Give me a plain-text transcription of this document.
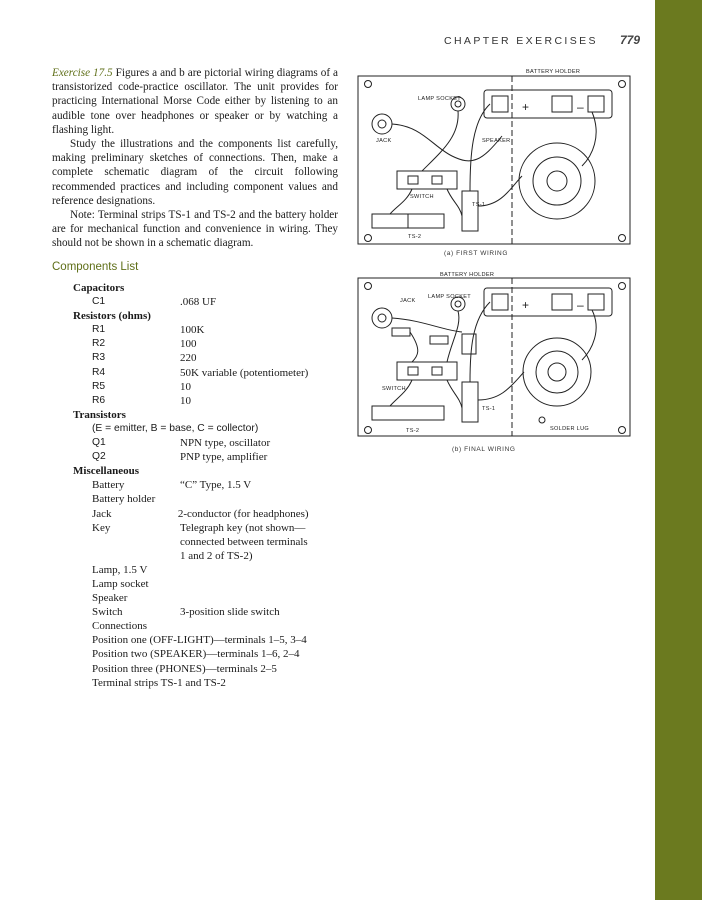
CHAPTER EXERCISES 779

Exercise 17.5 Figures a and b are pictorial wiring diagrams of a transistorized code-practice oscillator. The unit provides for practicing International Morse Code either by listening to an audible tone over headphones or speaker or by watching a flashing light.

Study the illustrations and the components list carefully, making preliminary sketches of connections. Then, make a complete schematic diagram of the circuit following recommended practices and including component values and reference designations.

Note: Terminal strips TS-1 and TS-2 and the battery holder are for mechanical function and convenience in wiring. They should not be shown in a schematic diagram.

Components List
Capacitors
C1	.068 UF
Resistors (ohms)
R1	100K
R2	100
R3	220
R4	50K variable (potentiometer)
R5	10
R6	10
Transistors
(E = emitter, B = base, C = collector)
Q1	NPN type, oscillator
Q2	PNP type, amplifier
Miscellaneous
Battery	“C” Type, 1.5 V
Battery holder
Jack	2-conductor (for headphones)
Key	Telegraph key (not shown—
connected between terminals
1 and 2 of TS-2)
Lamp, 1.5 V
Lamp socket
Speaker
Switch	3-position slide switch
Connections
Position one (OFF-LIGHT)—terminals 1–5, 3–4
Position two (SPEAKER)—terminals 1–6, 2–4
Position three (PHONES)—terminals 2–5
Terminal strips TS-1 and TS-2
BATTERY HOLDER
LAMP SOCKET
JACK	SPEAKER
SWITCH
TS-1
TS-2
+	–
(a) FIRST WIRING
BATTERY HOLDER
LAMP SOCKET
JACK
SWITCH
TS-1
TS-2	SOLDER LUG
+	–
(b) FINAL WIRING
